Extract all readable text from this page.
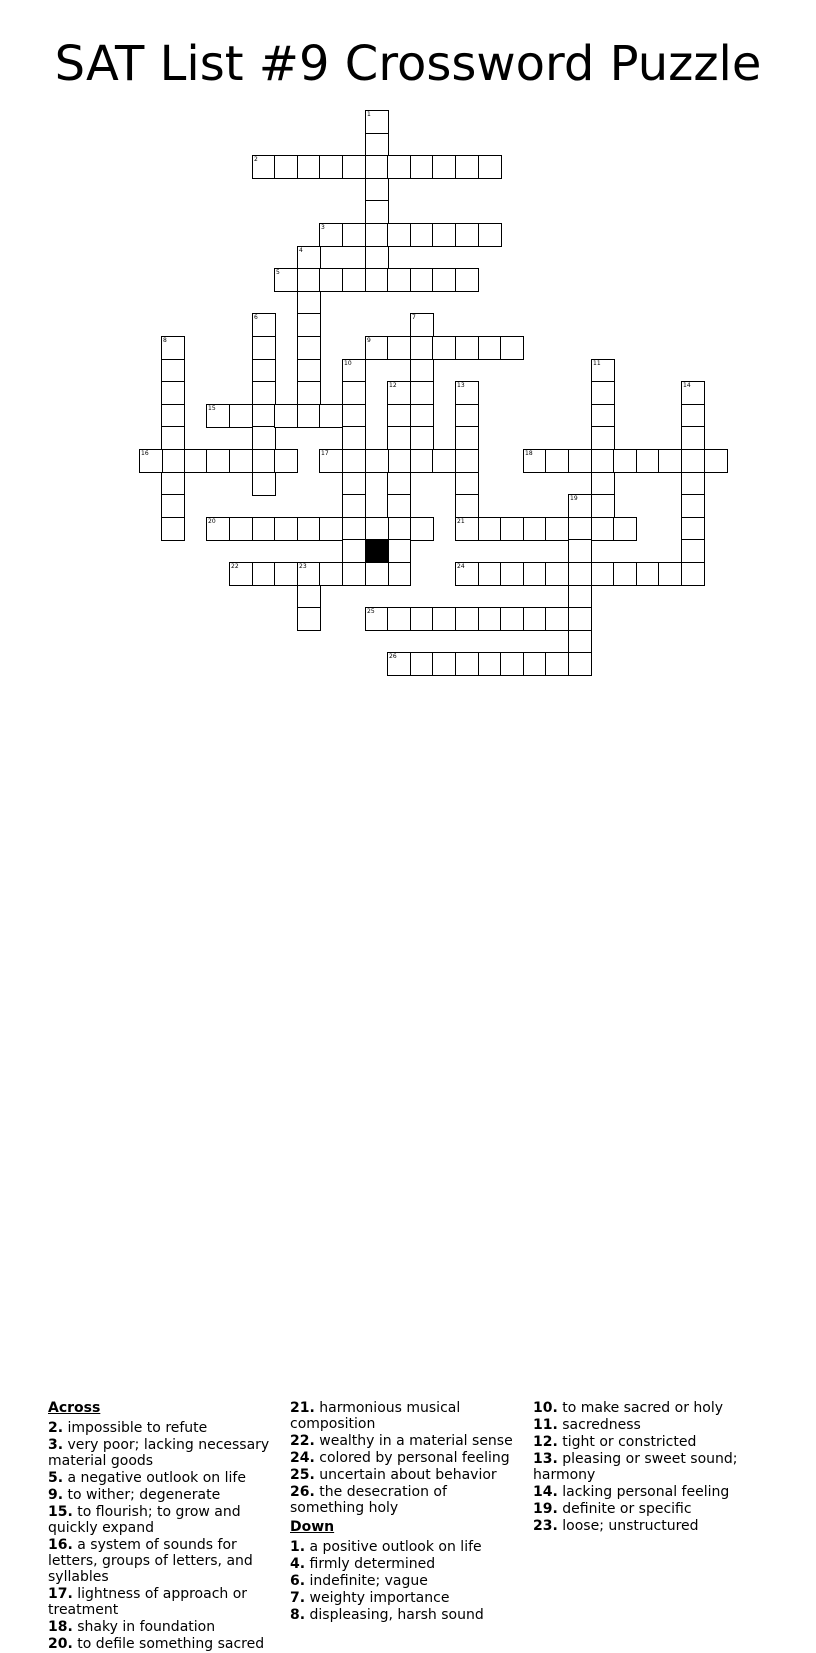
SAT List #9 Crossword Puzzle
1
2
3
4
5
6	7
8	9
10	11
12	13	14
15
16	17	18
19
20	21
22	23	24
25
26
Across
2. impossible to refute
3. very poor; lacking necessary material goods
5. a negative outlook on life
9. to wither; degenerate
15. to flourish; to grow and quickly expand
16. a system of sounds for letters, groups of letters, and syllables
17. lightness of approach or treatment
18. shaky in foundation
20. to defile something sacred
21. harmonious musical composition
22. wealthy in a material sense
24. colored by personal feeling
25. uncertain about behavior
26. the desecration of something holy
Down
1. a positive outlook on life
4. firmly determined
6. indefinite; vague
7. weighty importance
8. displeasing, harsh sound
10. to make sacred or holy
11. sacredness
12. tight or constricted
13. pleasing or sweet sound; harmony
14. lacking personal feeling
19. definite or specific
23. loose; unstructured
